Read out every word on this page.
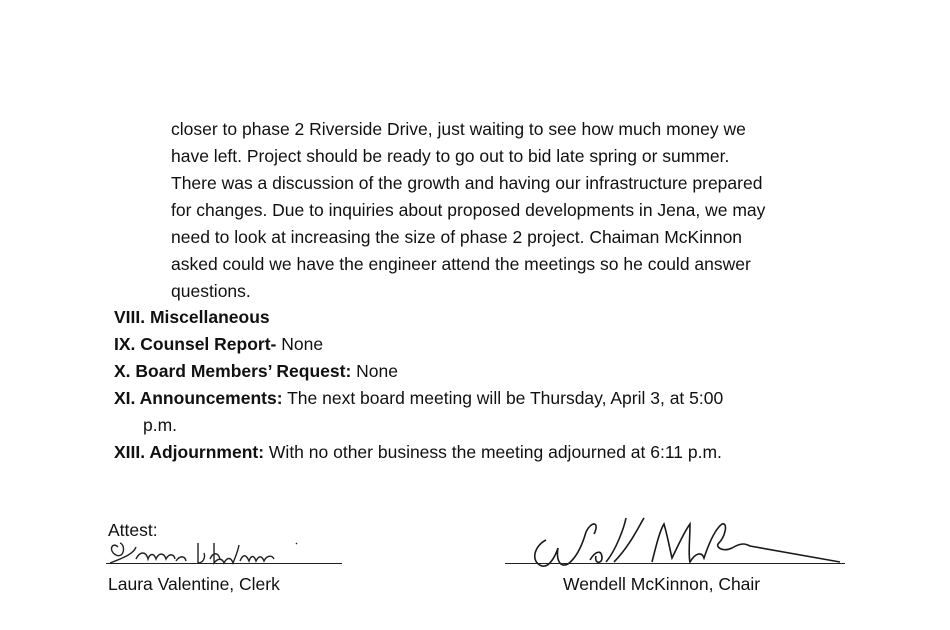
closer to phase 2 Riverside Drive, just waiting to see how much money we
have left. Project should be ready to go out to bid late spring or summer.
There was a discussion of the growth and having our infrastructure prepared
for changes. Due to inquiries about proposed developments in Jena, we may
need to look at increasing the size of phase 2 project. Chaiman McKinnon
asked could we have the engineer attend the meetings so he could answer
questions.
VIII. Miscellaneous
IX. Counsel Report- None
X. Board Members’ Request: None
XI. Announcements: The next board meeting will be Thursday, April 3, at 5:00
p.m.
XIII. Adjournment: With no other business the meeting adjourned at 6:11 p.m.
Attest:
Laura Valentine, Clerk	Wendell McKinnon, Chair
